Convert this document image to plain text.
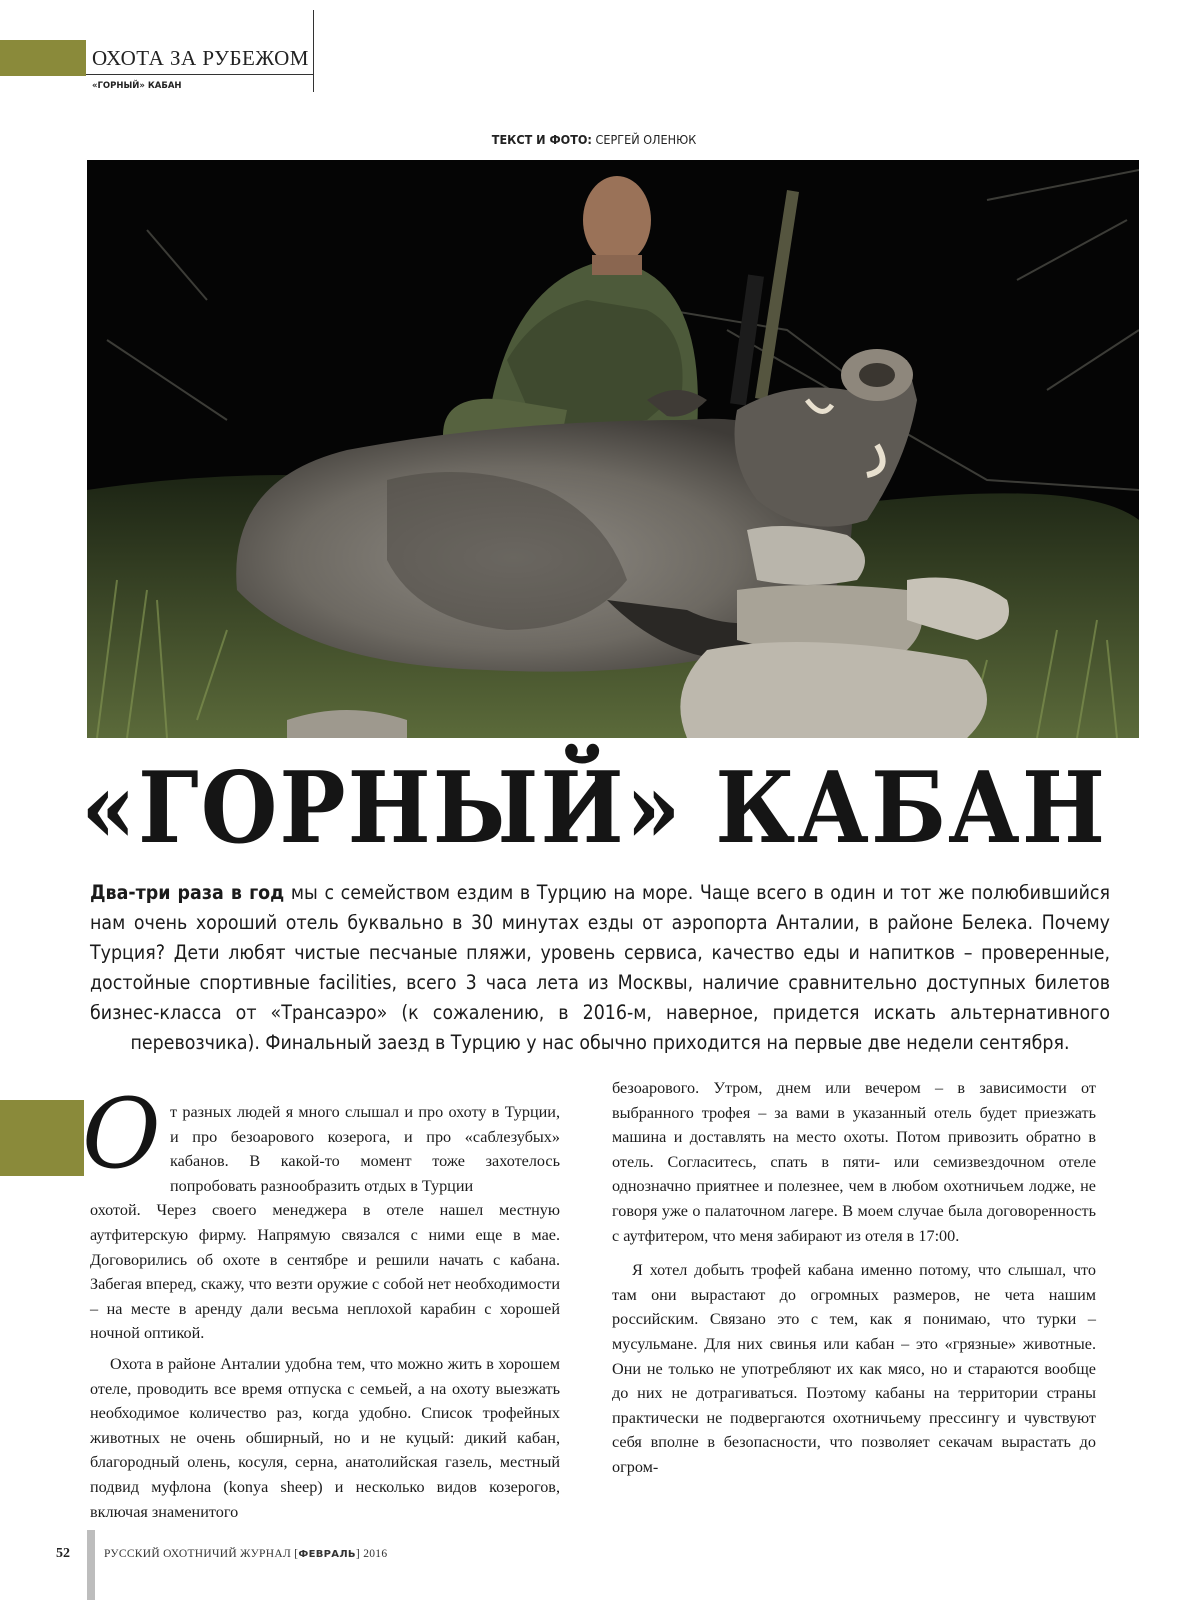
ОХОТА ЗА РУБЕЖОМ
«ГОРНЫЙ» КАБАН
ТЕКСТ И ФОТО: СЕРГЕЙ ОЛЕНЮК
«ГОРНЫЙ» КАБАН
Два-три раза в год мы с семейством ездим в Турцию на море. Чаще всего в один и тот же полюбившийся нам очень хороший отель буквально в 30 минутах езды от аэропорта Анталии, в районе Белека. Почему Турция? Дети любят чистые песчаные пляжи, уровень сервиса, качество еды и напитков – проверенные, достойные спортивные facilities, всего 3 часа лета из Москвы, наличие сравнительно доступных билетов бизнес-класса от «Трансаэро» (к сожалению, в 2016-м, наверное, придется искать альтернативного перевозчика). Финальный заезд в Турцию у нас обычно приходится на первые две недели сентября.
О т разных людей я много слышал и про охоту в Турции, и про безоарового козерога, и про «саблезубых» кабанов. В какой-то момент тоже захотелось попробовать разнообразить отдых в Турции
охотой. Через своего менеджера в отеле нашел местную аутфитерскую фирму. Напрямую связался с ними еще в мае. Договорились об охоте в сентябре и решили начать с кабана. Забегая вперед, скажу, что везти оружие с собой нет необходимости – на месте в аренду дали весьма неплохой карабин с хорошей ночной оптикой.

Охота в районе Анталии удобна тем, что можно жить в хорошем отеле, проводить все время отпуска с семьей, а на охоту выезжать необходимое количество раз, когда удобно. Список трофейных животных не очень обширный, но и не куцый: дикий кабан, благородный олень, косуля, серна, анатолийская газель, местный подвид муфлона (konya sheep) и несколько видов козерогов, включая знаменитого

безоарового. Утром, днем или вечером – в зависимости от выбранного трофея – за вами в указанный отель будет приезжать машина и доставлять на место охоты. Потом привозить обратно в отель. Согласитесь, спать в пяти- или семизвездочном отеле однозначно приятнее и полезнее, чем в любом охотничьем лодже, не говоря уже о палаточном лагере. В моем случае была договоренность с аутфитером, что меня забирают из отеля в 17:00.

Я хотел добыть трофей кабана именно потому, что слышал, что там они вырастают до огромных размеров, не чета нашим российским. Связано это с тем, как я понимаю, что турки – мусульмане. Для них свинья или кабан – это «грязные» животные. Они не только не употребляют их как мясо, но и стараются вообще до них не дотрагиваться. Поэтому кабаны на территории страны практически не подвергаются охотничьему прессингу и чувствуют себя вполне в безопасности, что позволяет секачам вырастать до огром-

52	РУССКИЙ ОХОТНИЧИЙ ЖУРНАЛ [ФЕВРАЛЬ] 2016
